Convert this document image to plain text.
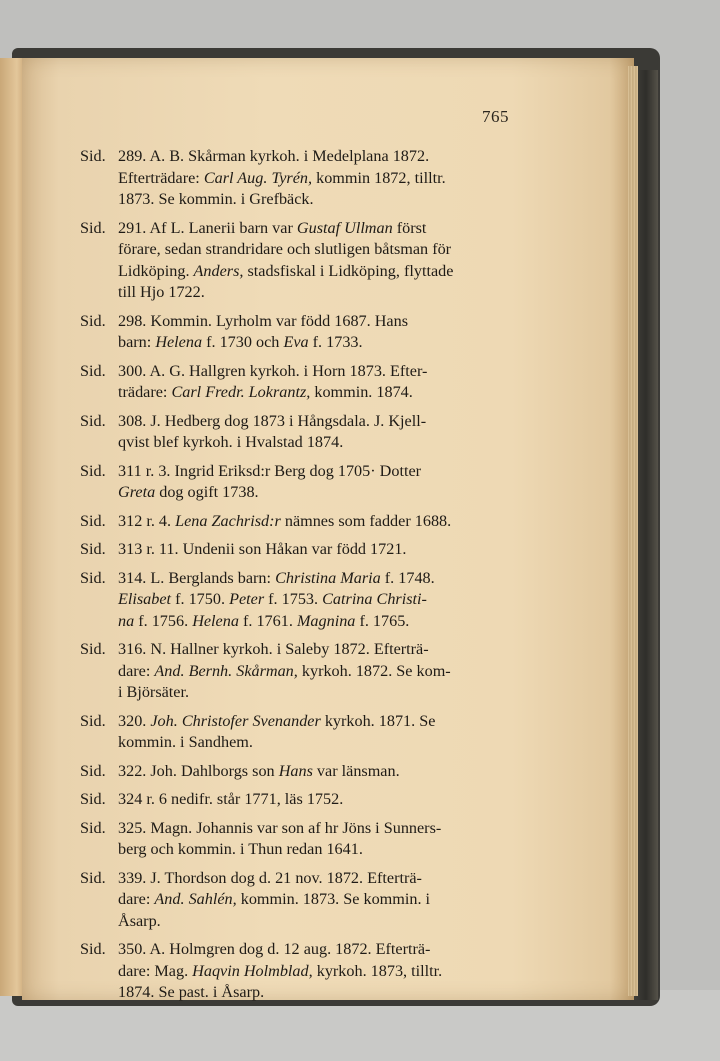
765
Sid. 289. A. B. Skårman kyrkoh. i Medelplana 1872.
Efterträdare: Carl Aug. Tyrén, kommin 1872, tilltr.
1873. Se kommin. i Grefbäck.
Sid. 291. Af L. Lanerii barn var Gustaf Ullman först
förare, sedan strandridare och slutligen båtsman för
Lidköping. Anders, stadsfiskal i Lidköping, flyttade
till Hjo 1722.
Sid. 298. Kommin. Lyrholm var född 1687. Hans
barn: Helena f. 1730 och Eva f. 1733.
Sid. 300. A. G. Hallgren kyrkoh. i Horn 1873. Efter-
trädare: Carl Fredr. Lokrantz, kommin. 1874.
Sid. 308. J. Hedberg dog 1873 i Hångsdala. J. Kjell-
qvist blef kyrkoh. i Hvalstad 1874.
Sid. 311 r. 3. Ingrid Eriksd:r Berg dog 1705· Dotter
Greta dog ogift 1738.
Sid. 312 r. 4. Lena Zachrisd:r nämnes som fadder 1688.
Sid. 313 r. 11. Undenii son Håkan var född 1721.
Sid. 314. L. Berglands barn: Christina Maria f. 1748.
Elisabet f. 1750. Peter f. 1753. Catrina Christi-
na f. 1756. Helena f. 1761. Magnina f. 1765.
Sid. 316. N. Hallner kyrkoh. i Saleby 1872. Efterträ-
dare: And. Bernh. Skårman, kyrkoh. 1872. Se kom-
i Björsäter.
Sid. 320. Joh. Christofer Svenander kyrkoh. 1871. Se
kommin. i Sandhem.
Sid. 322. Joh. Dahlborgs son Hans var länsman.
Sid. 324 r. 6 nedifr. står 1771, läs 1752.
Sid. 325. Magn. Johannis var son af hr Jöns i Sunners-
berg och kommin. i Thun redan 1641.
Sid. 339. J. Thordson dog d. 21 nov. 1872. Efterträ-
dare: And. Sahlén, kommin. 1873. Se kommin. i
Åsarp.
Sid. 350. A. Holmgren dog d. 12 aug. 1872. Efterträ-
dare: Mag. Haqvin Holmblad, kyrkoh. 1873, tilltr.
1874. Se past. i Åsarp.
